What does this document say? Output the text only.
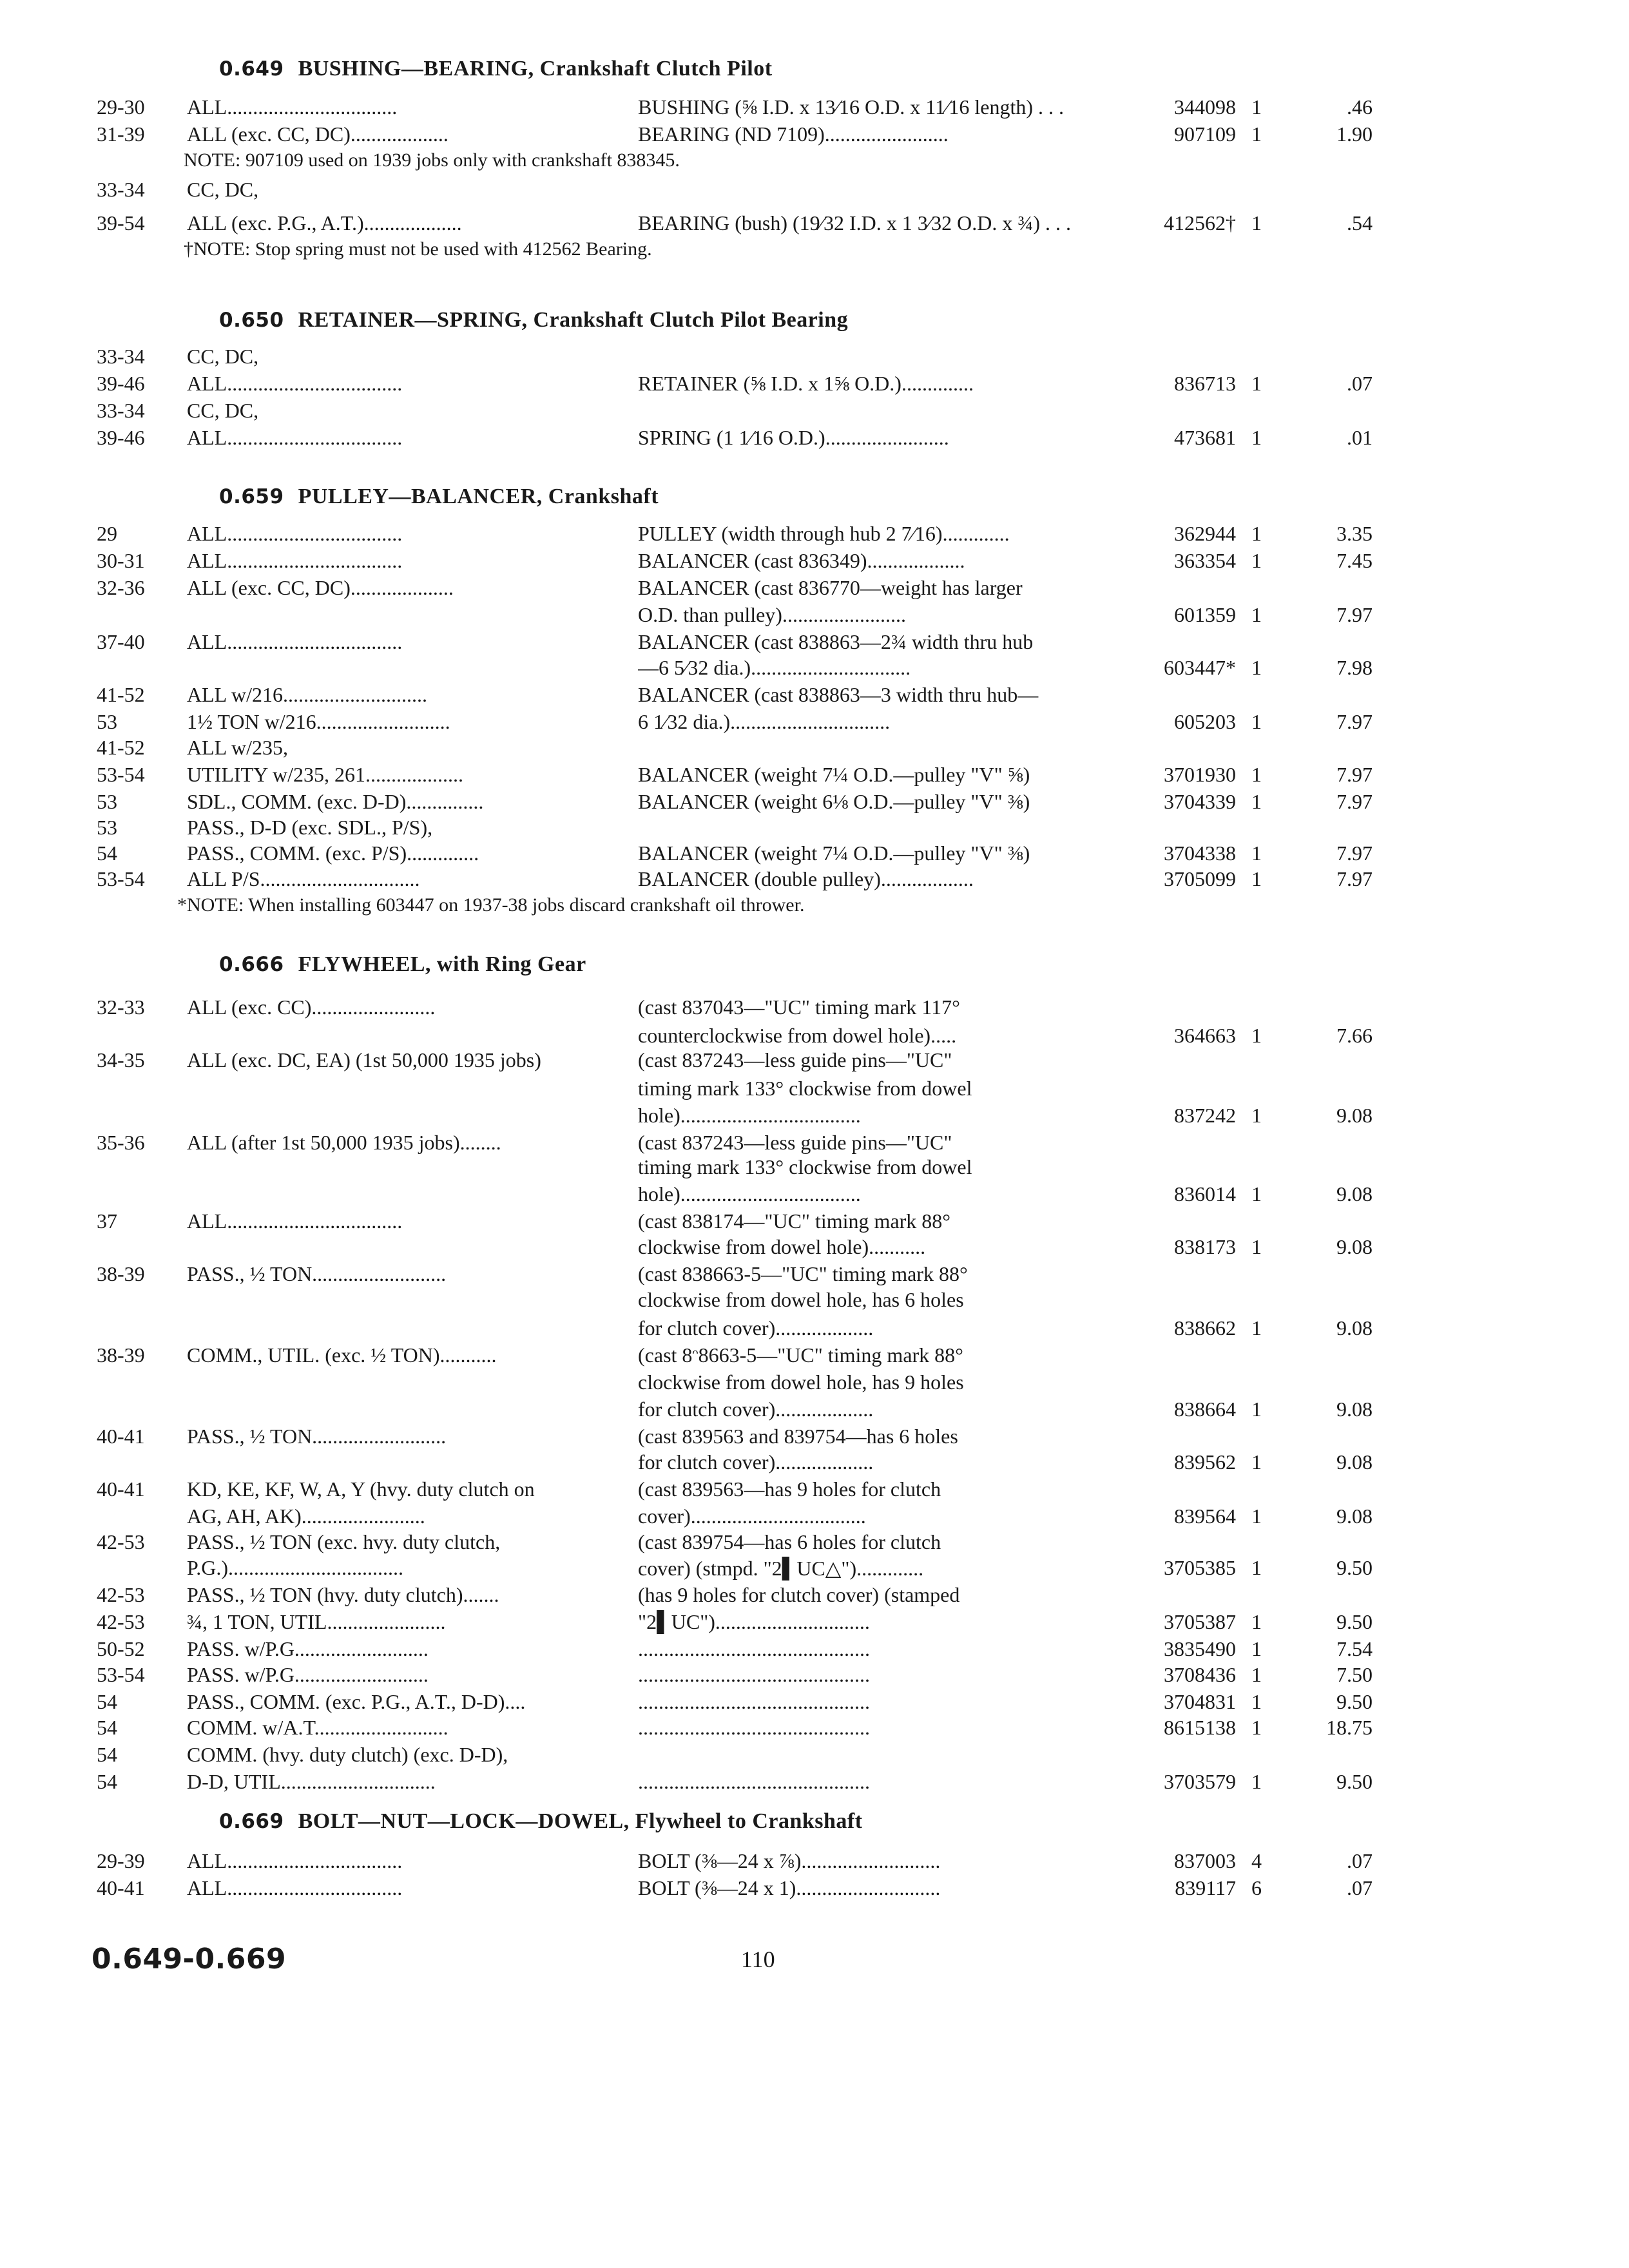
0.649 BUSHING—BEARING, Crankshaft Clutch Pilot
29-30	ALL.................................	BUSHING (⅝ I.D. x 13⁄16 O.D. x 11⁄16 length) . . .	344098 1	.46
31-39	ALL (exc. CC, DC)...................	BEARING (ND 7109)........................	907109 1	1.90
NOTE: 907109 used on 1939 jobs only with crankshaft 838345.
33-34	CC, DC,
39-54	ALL (exc. P.G., A.T.)...................	BEARING (bush) (19⁄32 I.D. x 1 3⁄32 O.D. x ¾) . . .	412562† 1	.54
†NOTE: Stop spring must not be used with 412562 Bearing.
0.650 RETAINER—SPRING, Crankshaft Clutch Pilot Bearing
33-34	CC, DC,
39-46	ALL..................................	RETAINER (⅝ I.D. x 1⅝ O.D.)..............	836713 1	.07
33-34	CC, DC,
39-46	ALL..................................	SPRING (1 1⁄16 O.D.)........................	473681 1	.01
0.659 PULLEY—BALANCER, Crankshaft
29	ALL..................................	PULLEY (width through hub 2 7⁄16).............	362944 1	3.35
30-31	ALL..................................	BALANCER (cast 836349)...................	363354 1	7.45
32-36	ALL (exc. CC, DC)....................	BALANCER (cast 836770—weight has larger
O.D. than pulley)........................	601359 1	7.97
37-40	ALL..................................	BALANCER (cast 838863—2¾ width thru hub
—6 5⁄32 dia.)...............................	603447* 1	7.98
41-52	ALL w/216............................	BALANCER (cast 838863—3 width thru hub—
53	1½ TON w/216..........................	6 1⁄32 dia.)...............................	605203 1	7.97
41-52	ALL w/235,
53-54	UTILITY w/235, 261...................	BALANCER (weight 7¼ O.D.—pulley "V" ⅝)	3701930 1	7.97
53	SDL., COMM. (exc. D-D)...............	BALANCER (weight 6⅛ O.D.—pulley "V" ⅜)	3704339 1	7.97
53	PASS., D-D (exc. SDL., P/S),
54	PASS., COMM. (exc. P/S)..............	BALANCER (weight 7¼ O.D.—pulley "V" ⅜)	3704338 1	7.97
53-54	ALL P/S...............................	BALANCER (double pulley)..................	3705099 1	7.97
*NOTE: When installing 603447 on 1937-38 jobs discard crankshaft oil thrower.
0.666 FLYWHEEL, with Ring Gear
32-33	ALL (exc. CC)........................	(cast 837043—"UC" timing mark 117°
counterclockwise from dowel hole).....	364663 1	7.66
34-35	ALL (exc. DC, EA) (1st 50,000 1935 jobs)	(cast 837243—less guide pins—"UC"
timing mark 133° clockwise from dowel
hole)...................................	837242 1	9.08
35-36	ALL (after 1st 50,000 1935 jobs)........	(cast 837243—less guide pins—"UC"
timing mark 133° clockwise from dowel
hole)...................................	836014 1	9.08
37	ALL..................................	(cast 838174—"UC" timing mark 88°
clockwise from dowel hole)...........	838173 1	9.08
38-39	PASS., ½ TON..........................	(cast 838663-5—"UC" timing mark 88°
clockwise from dowel hole, has 6 holes
for clutch cover)...................	838662 1	9.08
38-39	COMM., UTIL. (exc. ½ TON)...........	(cast 8ᵔ8663-5—"UC" timing mark 88°
clockwise from dowel hole, has 9 holes
for clutch cover)...................	838664 1	9.08
40-41	PASS., ½ TON..........................	(cast 839563 and 839754—has 6 holes
for clutch cover)...................	839562 1	9.08
40-41	KD, KE, KF, W, A, Y (hvy. duty clutch on	(cast 839563—has 9 holes for clutch
AG, AH, AK)........................	cover)..................................	839564 1	9.08
42-53	PASS., ½ TON (exc. hvy. duty clutch,	(cast 839754—has 6 holes for clutch
P.G.)..................................	cover) (stmpd. "2▌UC△").............	3705385 1	9.50
42-53	PASS., ½ TON (hvy. duty clutch).......	(has 9 holes for clutch cover) (stamped
42-53	¾, 1 TON, UTIL.......................	"2▌UC")..............................	3705387 1	9.50
50-52	PASS. w/P.G..........................	.............................................	3835490 1	7.54
53-54	PASS. w/P.G..........................	.............................................	3708436 1	7.50
54	PASS., COMM. (exc. P.G., A.T., D-D)....	.............................................	3704831 1	9.50
54	COMM. w/A.T..........................	.............................................	8615138 1	18.75
54	COMM. (hvy. duty clutch) (exc. D-D),
54	D-D, UTIL..............................	.............................................	3703579 1	9.50
0.669 BOLT—NUT—LOCK—DOWEL, Flywheel to Crankshaft
29-39	ALL..................................	BOLT (⅜—24 x ⅞)...........................	837003 4	.07
40-41	ALL..................................	BOLT (⅜—24 x 1)............................	839117 6	.07
0.649-0.669	110
